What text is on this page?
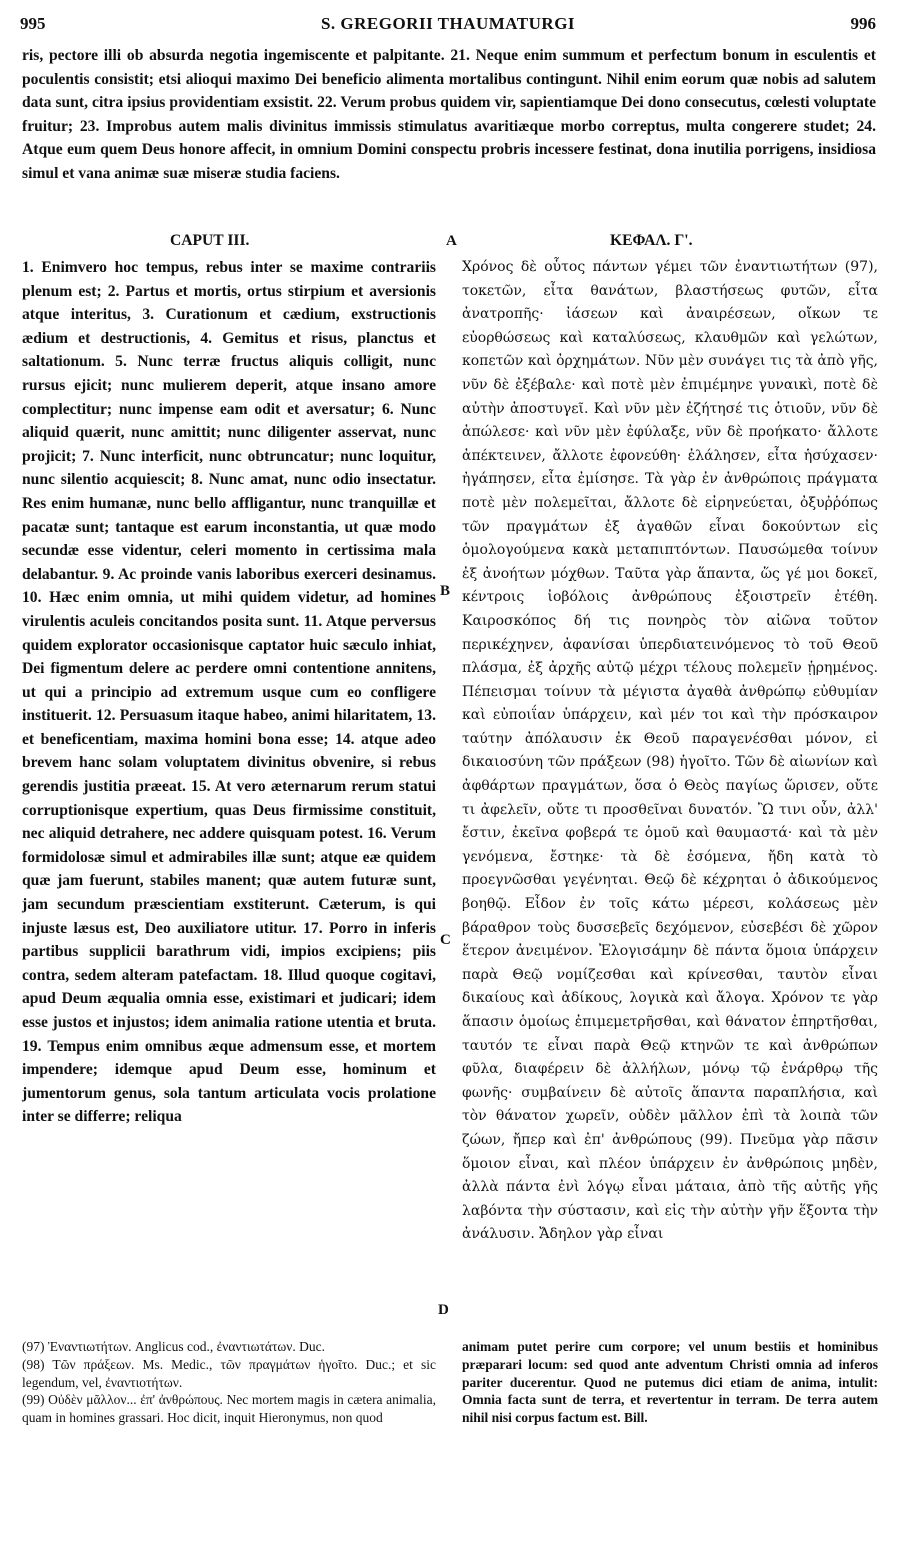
995	S. GREGORII THAUMATURGI	996

ris, pectore illi ob absurda negotia ingemiscente et palpitante. 21. Neque enim summum et perfectum bonum in esculentis et poculentis consistit; etsi alioqui maximo Dei beneficio alimenta mortalibus contingunt. Nihil enim eorum quæ nobis ad salutem data sunt, citra ipsius providentiam exsistit. 22. Verum probus quidem vir, sapientiamque Dei dono consecutus, cœlesti voluptate fruitur; 23. Improbus autem malis divinitus immissis stimulatus avaritiæque morbo correptus, multa congerere studet; 24. Atque eum quem Deus honore affecit, in omnium Domini conspectu probris incessere festinat, dona inutilia porrigens, insidiosa simul et vana animæ suæ miseræ studia faciens.

CAPUT III.	ΚΕΦΑΛ. Γ'.
A
B
C
D

1. Enimvero hoc tempus, rebus inter se maxime contrariis plenum est; 2. Partus et mortis, ortus stirpium et aversionis atque interitus, 3. Curationum et cædium, exstructionis ædium et destructionis, 4. Gemitus et risus, planctus et saltationum. 5. Nunc terræ fructus aliquis colligit, nunc rursus ejicit; nunc mulierem deperit, atque insano amore complectitur; nunc impense eam odit et aversatur; 6. Nunc aliquid quærit, nunc amittit; nunc diligenter asservat, nunc projicit; 7. Nunc interficit, nunc obtruncatur; nunc loquitur, nunc silentio acquiescit; 8. Nunc amat, nunc odio insectatur. Res enim humanæ, nunc bello affligantur, nunc tranquillæ et pacatæ sunt; tantaque est earum inconstantia, ut quæ modo secundæ esse videntur, celeri momento in certissima mala delabantur. 9. Ac proinde vanis laboribus exerceri desinamus. 10. Hæc enim omnia, ut mihi quidem videtur, ad homines virulentis aculeis concitandos posita sunt. 11. Atque perversus quidem explorator occasionisque captator huic sæculo inhiat, Dei figmentum delere ac perdere omni contentione annitens, ut qui a principio ad extremum usque cum eo confligere instituerit. 12. Persuasum itaque habeo, animi hilaritatem, 13. et beneficentiam, maxima homini bona esse; 14. atque adeo brevem hanc solam voluptatem divinitus obvenire, si rebus gerendis justitia præeat. 15. At vero æternarum rerum statui corruptionisque expertium, quas Deus firmissime constituit, nec aliquid detrahere, nec addere quisquam potest. 16. Verum formidolosæ simul et admirabiles illæ sunt; atque eæ quidem quæ jam fuerunt, stabiles manent; quæ autem futuræ sunt, jam secundum præscientiam exstiterunt. Cæterum, is qui injuste læsus est, Deo auxiliatore utitur. 17. Porro in inferis partibus supplicii barathrum vidi, impios excipiens; piis contra, sedem alteram patefactam. 18. Illud quoque cogitavi, apud Deum æqualia omnia esse, existimari et judicari; idem esse justos et injustos; idem animalia ratione utentia et bruta. 19. Tempus enim omnibus æque admensum esse, et mortem impendere; idemque apud Deum esse, hominum et jumentorum genus, sola tantum articulata vocis prolatione inter se differre; reliqua

Χρόνος δὲ οὗτος πάντων γέμει τῶν ἐναντιωτήτων (97), τοκετῶν, εἶτα θανάτων, βλαστήσεως φυτῶν, εἶτα ἀνατροπῆς· ἰάσεων καὶ ἀναιρέσεων, οἴκων τε εὐορθώσεως καὶ καταλύσεως, κλαυθμῶν καὶ γελώτων, κοπετῶν καὶ ὀρχημάτων. Νῦν μὲν συνάγει τις τὰ ἀπὸ γῆς, νῦν δὲ ἐξέβαλε· καὶ ποτὲ μὲν ἐπιμέμηνε γυναικὶ, ποτὲ δὲ αὐτὴν ἀποστυγεῖ. Καὶ νῦν μὲν ἐζήτησέ τις ὁτιοῦν, νῦν δὲ ἀπώλεσε· καὶ νῦν μὲν ἐφύλαξε, νῦν δὲ προήκατο· ἄλλοτε ἀπέκτεινεν, ἄλλοτε ἐφονεύθη· ἐλάλησεν, εἶτα ἡσύχασεν· ἠγάπησεν, εἶτα ἐμίσησε. Τὰ γὰρ ἐν ἀνθρώποις πράγματα ποτὲ μὲν πολεμεῖται, ἄλλοτε δὲ εἰρηνεύεται, ὀξυῤῥόπως τῶν πραγμάτων ἐξ ἀγαθῶν εἶναι δοκούντων εἰς ὁμολογούμενα κακὰ μεταπιπτόντων. Παυσώμεθα τοίνυν ἐξ ἀνοήτων μόχθων. Ταῦτα γὰρ ἅπαντα, ὥς γέ μοι δοκεῖ, κέντροις ἰοβόλοις ἀνθρώπους ἐξοιστρεῖν ἐτέθη. Καιροσκόπος δή τις πονηρὸς τὸν αἰῶνα τοῦτον περικέχηνεν, ἀφανίσαι ὑπερδιατεινόμενος τὸ τοῦ Θεοῦ πλάσμα, ἐξ ἀρχῆς αὐτῷ μέχρι τέλους πολεμεῖν ᾑρημένος. Πέπεισμαι τοίνυν τὰ μέγιστα ἀγαθὰ ἀνθρώπῳ εὐθυμίαν καὶ εὐποιΐαν ὑπάρχειν, καὶ μέν τοι καὶ τὴν πρόσκαιρον ταύτην ἀπόλαυσιν ἐκ Θεοῦ παραγενέσθαι μόνον, εἰ δικαιοσύνη τῶν πράξεων (98) ἡγοῖτο. Τῶν δὲ αἰωνίων καὶ ἀφθάρτων πραγμάτων, ὅσα ὁ Θεὸς παγίως ὥρισεν, οὔτε τι ἀφελεῖν, οὔτε τι προσθεῖναι δυνατόν. Ὢ τινι οὖν, ἀλλ' ἔστιν, ἐκεῖνα φοβερά τε ὁμοῦ καὶ θαυμαστά· καὶ τὰ μὲν γενόμενα, ἔστηκε· τὰ δὲ ἐσόμενα, ἤδη κατὰ τὸ προεγνῶσθαι γεγένηται. Θεῷ δὲ κέχρηται ὁ ἀδικούμενος βοηθῷ. Εἶδον ἐν τοῖς κάτω μέρεσι, κολάσεως μὲν βάραθρον τοὺς δυσσεβεῖς δεχόμενον, εὐσεβέσι δὲ χῶρον ἕτερον ἀνειμένον. Ἐλογισάμην δὲ πάντα ὅμοια ὑπάρχειν παρὰ Θεῷ νομίζεσθαι καὶ κρίνεσθαι, ταυτὸν εἶναι δικαίους καὶ ἀδίκους, λογικὰ καὶ ἄλογα. Χρόνον τε γὰρ ἅπασιν ὁμοίως ἐπιμεμετρῆσθαι, καὶ θάνατον ἐπηρτῆσθαι, ταυτόν τε εἶναι παρὰ Θεῷ κτηνῶν τε καὶ ἀνθρώπων φῦλα, διαφέρειν δὲ ἀλλήλων, μόνῳ τῷ ἐνάρθρῳ τῆς φωνῆς· συμβαίνειν δὲ αὐτοῖς ἅπαντα παραπλήσια, καὶ τὸν θάνατον χωρεῖν, οὐδὲν μᾶλλον ἐπὶ τὰ λοιπὰ τῶν ζώων, ἤπερ καὶ ἐπ' ἀνθρώπους (99). Πνεῦμα γὰρ πᾶσιν ὅμοιον εἶναι, καὶ πλέον ὑπάρχειν ἐν ἀνθρώποις μηδὲν, ἀλλὰ πάντα ἐνὶ λόγῳ εἶναι μάταια, ἀπὸ τῆς αὐτῆς γῆς λαβόντα τὴν σύστασιν, καὶ εἰς τὴν αὐτὴν γῆν ἕξοντα τὴν ἀνάλυσιν. Ἄδηλον γὰρ εἶναι

(97) Ἐναντιωτήτων. Anglicus cod., ἐναντιωτάτων. Duc.
(98) Τῶν πράξεων. Ms. Medic., τῶν πραγμάτων ἡγοῖτο. Duc.; et sic legendum, vel, ἐναντιοτήτων.
(99) Οὐδὲν μᾶλλον... ἐπ' ἀνθρώπους. Nec mortem magis in cætera animalia, quam in homines grassari. Hoc dicit, inquit Hieronymus, non quod

animam putet perire cum corpore; vel unum bestiis et hominibus præparari locum: sed quod ante adventum Christi omnia ad inferos pariter ducerentur. Quod ne putemus dici etiam de anima, intulit: Omnia facta sunt de terra, et revertentur in terram. De terra autem nihil nisi corpus factum est. Bill.
